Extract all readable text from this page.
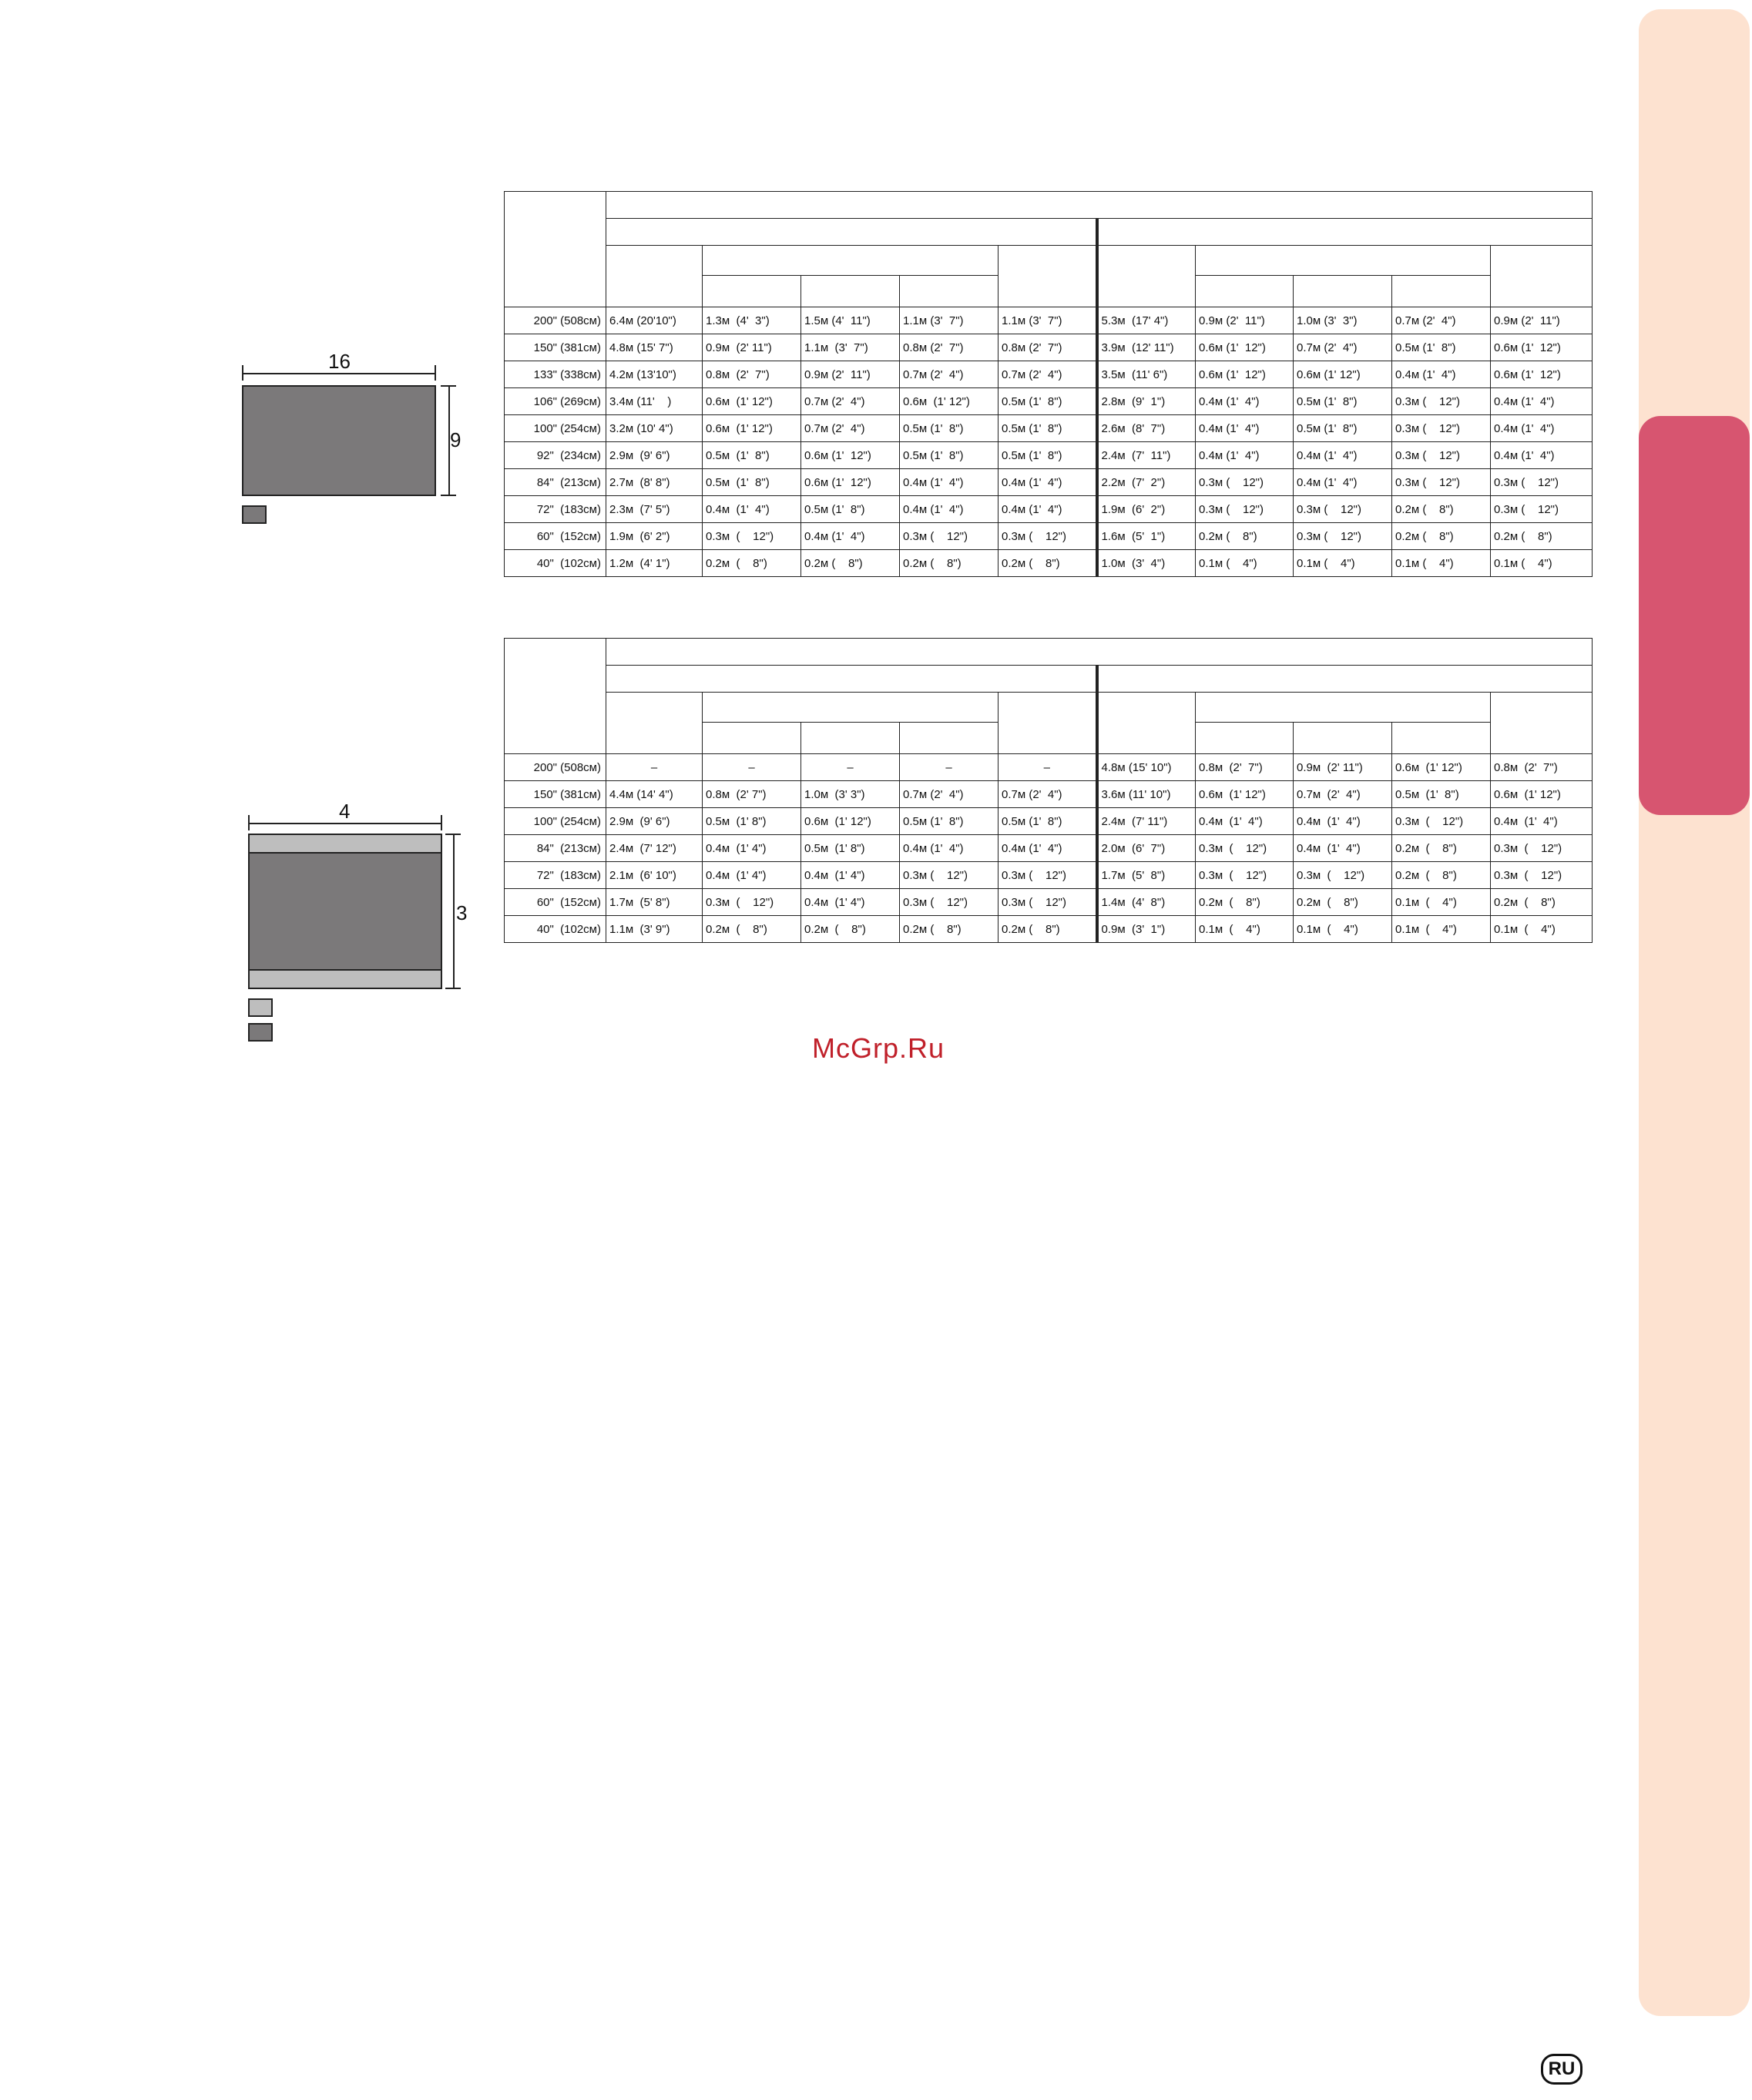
16
9
4
3

200" (508см)	6.4м (20'10")	1.3м  (4'  3")	1.5м (4'  11")	1.1м (3'  7")	1.1м (3'  7")	5.3м  (17' 4")	0.9м (2'  11")	1.0м (3'  3")	0.7м (2'  4")	0.9м (2'  11")
150" (381см)	4.8м (15' 7")	0.9м  (2' 11")	1.1м  (3'  7")	0.8м (2'  7")	0.8м (2'  7")	3.9м  (12' 11")	0.6м (1'  12")	0.7м (2'  4")	0.5м (1'  8")	0.6м (1'  12")
133" (338см)	4.2м (13'10")	0.8м  (2'  7")	0.9м (2'  11")	0.7м (2'  4")	0.7м (2'  4")	3.5м  (11' 6")	0.6м (1'  12")	0.6м (1' 12")	0.4м (1'  4")	0.6м (1'  12")
106" (269см)	3.4м (11'    )	0.6м  (1' 12")	0.7м (2'  4")	0.6м  (1' 12")	0.5м (1'  8")	2.8м  (9'  1")	0.4м (1'  4")	0.5м (1'  8")	0.3м (    12")	0.4м (1'  4")
100" (254см)	3.2м (10' 4")	0.6м  (1' 12")	0.7м (2'  4")	0.5м (1'  8")	0.5м (1'  8")	2.6м  (8'  7")	0.4м (1'  4")	0.5м (1'  8")	0.3м (    12")	0.4м (1'  4")
92"  (234см)	2.9м  (9' 6")	0.5м  (1'  8")	0.6м (1'  12")	0.5м (1'  8")	0.5м (1'  8")	2.4м  (7'  11")	0.4м (1'  4")	0.4м (1'  4")	0.3м (    12")	0.4м (1'  4")
84"  (213см)	2.7м  (8' 8")	0.5м  (1'  8")	0.6м (1'  12")	0.4м (1'  4")	0.4м (1'  4")	2.2м  (7'  2")	0.3м (    12")	0.4м (1'  4")	0.3м (    12")	0.3м (    12")
72"  (183см)	2.3м  (7' 5")	0.4м  (1'  4")	0.5м (1'  8")	0.4м (1'  4")	0.4м (1'  4")	1.9м  (6'  2")	0.3м (    12")	0.3м (    12")	0.2м (    8")	0.3м (    12")
60"  (152см)	1.9м  (6' 2")	0.3м  (    12")	0.4м (1'  4")	0.3м (    12")	0.3м (    12")	1.6м  (5'  1")	0.2м (    8")	0.3м (    12")	0.2м (    8")	0.2м (    8")
40"  (102см)	1.2м  (4' 1")	0.2м  (    8")	0.2м (    8")	0.2м (    8")	0.2м (    8")	1.0м  (3'  4")	0.1м (    4")	0.1м (    4")	0.1м (    4")	0.1м (    4")

200" (508см)	–	–	–	–	–	4.8м (15' 10")	0.8м  (2'  7")	0.9м  (2' 11")	0.6м  (1' 12")	0.8м  (2'  7")
150" (381см)	4.4м (14' 4")	0.8м  (2' 7")	1.0м  (3' 3")	0.7м (2'  4")	0.7м (2'  4")	3.6м (11' 10")	0.6м  (1' 12")	0.7м  (2'  4")	0.5м  (1'  8")	0.6м  (1' 12")
100" (254см)	2.9м  (9' 6")	0.5м  (1' 8")	0.6м  (1' 12")	0.5м (1'  8")	0.5м (1'  8")	2.4м  (7' 11")	0.4м  (1'  4")	0.4м  (1'  4")	0.3м  (    12")	0.4м  (1'  4")
84"  (213см)	2.4м  (7' 12")	0.4м  (1' 4")	0.5м  (1' 8")	0.4м (1'  4")	0.4м (1'  4")	2.0м  (6'  7")	0.3м  (    12")	0.4м  (1'  4")	0.2м  (    8")	0.3м  (    12")
72"  (183см)	2.1м  (6' 10")	0.4м  (1' 4")	0.4м  (1' 4")	0.3м (    12")	0.3м (    12")	1.7м  (5'  8")	0.3м  (    12")	0.3м  (    12")	0.2м  (    8")	0.3м  (    12")
60"  (152см)	1.7м  (5' 8")	0.3м  (    12")	0.4м  (1' 4")	0.3м (    12")	0.3м (    12")	1.4м  (4'  8")	0.2м  (    8")	0.2м  (    8")	0.1м  (    4")	0.2м  (    8")
40"  (102см)	1.1м  (3' 9")	0.2м  (    8")	0.2м  (    8")	0.2м (    8")	0.2м (    8")	0.9м  (3'  1")	0.1м  (    4")	0.1м  (    4")	0.1м  (    4")	0.1м  (    4")
McGrp.Ru
RU
